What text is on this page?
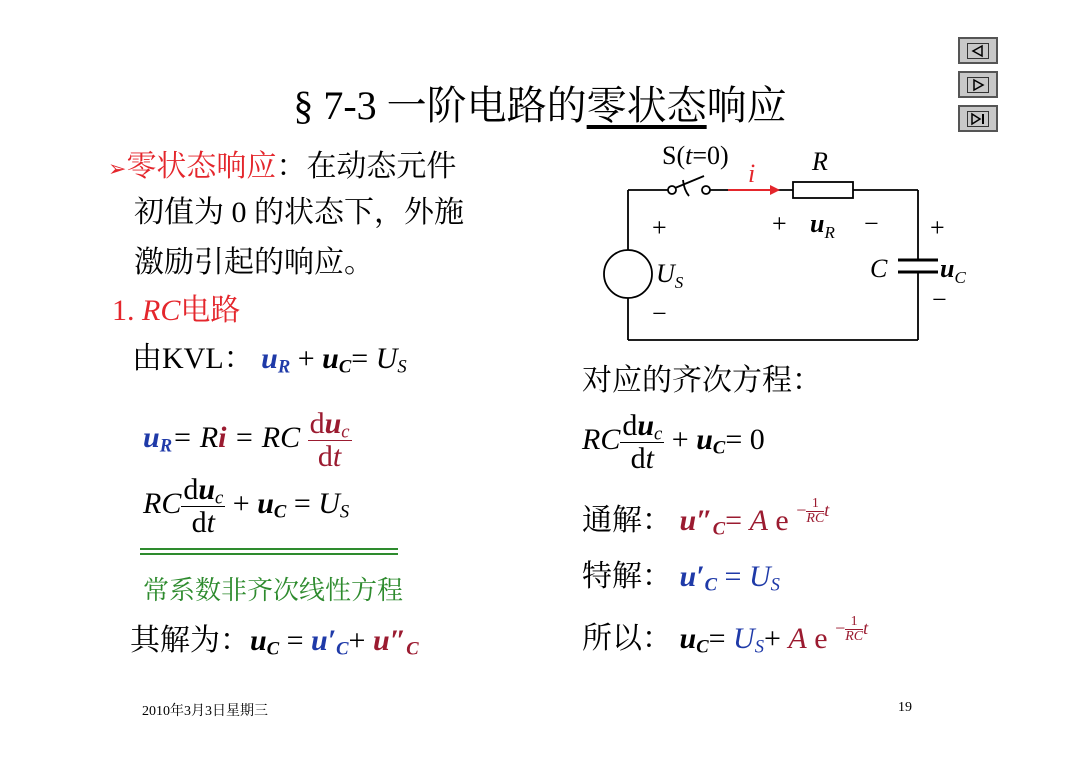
§ 7-3 一阶电路的零状态响应
➢零状态响应：在动态元件
初值为 0 的状态下，外施
激励引起的响应。
1. RC电路
由KVL： $u_R + u_C= U_S$
$u_R= Ri$ = RC $\frac{du_c}{dt}$
RC $\frac{du_c}{dt} + u_C = U_S$
常系数非齐次线性方程
其解为：$u_C = u'_C+ u''_C$
S(t=0)
i R
+
−
$U_S$
+ $u_R$ −
C
+
$u_C$
−
对应的齐次方程：
RC $\frac{du_c}{dt} + u_C= 0$
通解： $u''_C= A$ $e - \frac{1}{RC}$ t
特解： $u'_C = U_S$
所以： $u_C= U_S+ A$ $e - \frac{1}{RC}$ t
2010年3月3日星期三	19
